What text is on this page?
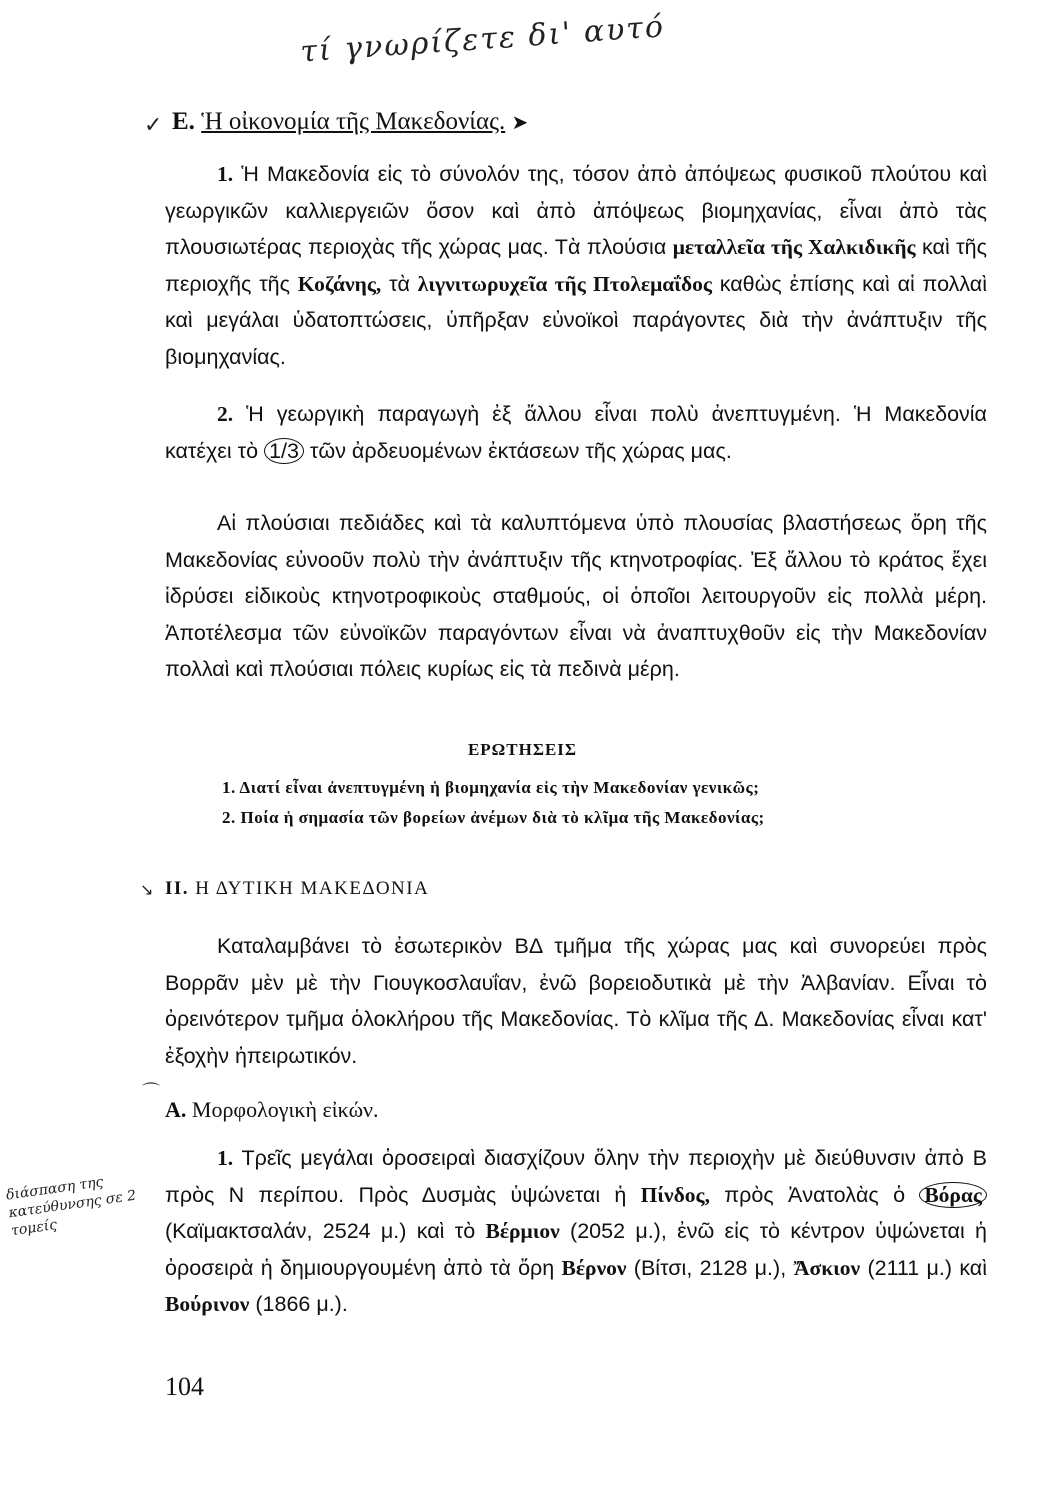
τί γνωρίζετε δι' αυτό
✓ Ε. Ἡ οἰκονομία τῆς Μακεδονίας. ➤

1. Ἡ Μακεδονία εἰς τὸ σύνολόν της, τόσον ἀπὸ ἀπόψεως φυσικοῦ πλούτου καὶ γεωργικῶν καλλιεργειῶν ὅσον καὶ ἀπὸ ἀπόψεως βιομηχανίας, εἶναι ἀπὸ τὰς πλουσιωτέρας περιοχὰς τῆς χώρας μας. Τὰ πλούσια μεταλλεῖα τῆς Χαλκιδικῆς καὶ τῆς περιοχῆς τῆς Κοζάνης, τὰ λιγνιτωρυχεῖα τῆς Πτολεμαΐδος καθὼς ἐπίσης καὶ αἱ πολλαὶ καὶ μεγάλαι ὑδατοπτώσεις, ὑπῆρξαν εὐνοϊκοὶ παράγοντες διὰ τὴν ἀνάπτυξιν τῆς βιομηχανίας.

2. Ἡ γεωργικὴ παραγωγὴ ἐξ ἄλλου εἶναι πολὺ ἀνεπτυγμένη. Ἡ Μακεδονία κατέχει τὸ 1/3 τῶν ἀρδευομένων ἐκτάσεων τῆς χώρας μας.

Αἱ πλούσιαι πεδιάδες καὶ τὰ καλυπτόμενα ὑπὸ πλουσίας βλαστήσεως ὄρη τῆς Μακεδονίας εὐνοοῦν πολὺ τὴν ἀνάπτυξιν τῆς κτηνοτροφίας. Ἐξ ἄλλου τὸ κράτος ἔχει ἱδρύσει εἰδικοὺς κτηνοτροφικοὺς σταθμούς, οἱ ὁποῖοι λειτουργοῦν εἰς πολλὰ μέρη. Ἀποτέλεσμα τῶν εὐνοϊκῶν παραγόντων εἶναι νὰ ἀναπτυχθοῦν εἰς τὴν Μακεδονίαν πολλαὶ καὶ πλούσιαι πόλεις κυρίως εἰς τὰ πεδινὰ μέρη.

ΕΡΩΤΗΣΕΙΣ
1. Διατί εἶναι ἀνεπτυγμένη ἡ βιομηχανία εἰς τὴν Μακεδονίαν γενικῶς;
2. Ποία ἡ σημασία τῶν βορείων ἀνέμων διὰ τὸ κλῖμα τῆς Μακεδονίας;
↘ II. Η ΔΥΤΙΚΗ ΜΑΚΕΔΟΝΙΑ

Καταλαμβάνει τὸ ἐσωτερικὸν ΒΔ τμῆμα τῆς χώρας μας καὶ συνορεύει πρὸς Βορρᾶν μὲν μὲ τὴν Γιουγκοσλαυΐαν, ἐνῶ βορειοδυτικὰ μὲ τὴν Ἀλβανίαν. Εἶναι τὸ ὀρεινότερον τμῆμα ὁλοκλήρου τῆς Μακεδονίας. Τὸ κλῖμα τῆς Δ. Μακεδονίας εἶναι κατ' ἐξοχὴν ἠπειρωτικόν.

⌒
Α. Μορφολογικὴ εἰκών.
διάσπαση της κατεύθυνσης σε 2 τομείς

1. Τρεῖς μεγάλαι ὀροσειραὶ διασχίζουν ὅλην τὴν περιοχὴν μὲ διεύθυνσιν ἀπὸ Β πρὸς Ν περίπου. Πρὸς Δυσμὰς ὑψώνεται ἡ Πίνδος, πρὸς Ἀνατολὰς ὁ Βόρας (Καϊμακτσαλάν, 2524 μ.) καὶ τὸ Βέρμιον (2052 μ.), ἐνῶ εἰς τὸ κέντρον ὑψώνεται ἡ ὀροσειρὰ ἡ δημιουργουμένη ἀπὸ τὰ ὄρη Βέρνον (Βίτσι, 2128 μ.), Ἄσκιον (2111 μ.) καὶ Βούρινον (1866 μ.).

104
